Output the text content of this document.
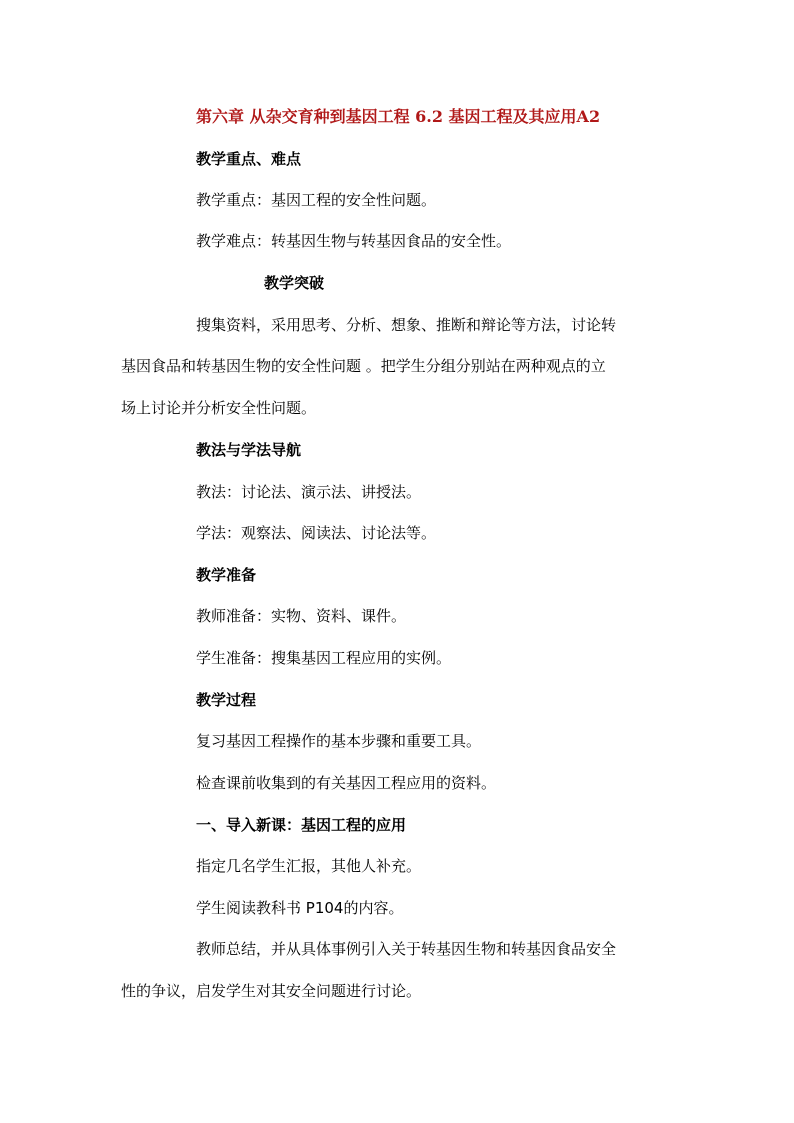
第六章 从杂交育种到基因工程 6.2 基因工程及其应用A2
教学重点、难点
教学重点：基因工程的安全性问题。
教学难点：转基因生物与转基因食品的安全性。
教学突破
搜集资料，采用思考、分析、想象、推断和辩论等方法，讨论转
基因食品和转基因生物的安全性问题 。把学生分组分别站在两种观点的立
场上讨论并分析安全性问题。
教法与学法导航
教法：讨论法、演示法、讲授法。
学法：观察法、阅读法、讨论法等。
教学准备
教师准备：实物、资料、课件。
学生准备：搜集基因工程应用的实例。
教学过程
复习基因工程操作的基本步骤和重要工具。
检查课前收集到的有关基因工程应用的资料。
一、导入新课：基因工程的应用
指定几名学生汇报，其他人补充。
学生阅读教科书 P104的内容。
教师总结，并从具体事例引入关于转基因生物和转基因食品安全
性的争议，启发学生对其安全问题进行讨论。
